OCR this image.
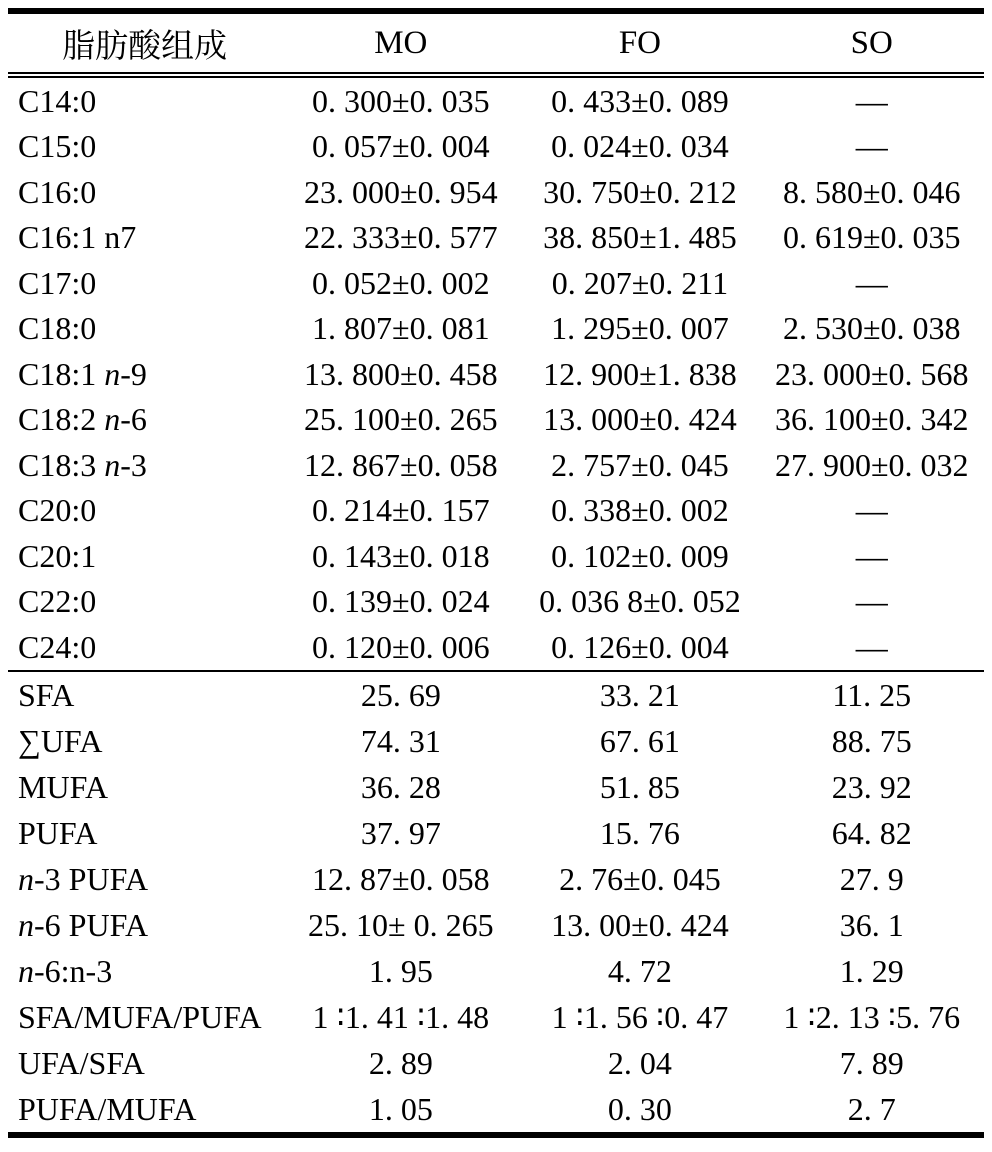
脂肪酸组成	MO	FO	SO
C14:0	0. 300±0. 035	0. 433±0. 089	—
C15:0	0. 057±0. 004	0. 024±0. 034	—
C16:0	23. 000±0. 954	30. 750±0. 212	8. 580±0. 046
C16:1 n7	22. 333±0. 577	38. 850±1. 485	0. 619±0. 035
C17:0	0. 052±0. 002	0. 207±0. 211	—
C18:0	1. 807±0. 081	1. 295±0. 007	2. 530±0. 038
C18:1 n-9	13. 800±0. 458	12. 900±1. 838	23. 000±0. 568
C18:2 n-6	25. 100±0. 265	13. 000±0. 424	36. 100±0. 342
C18:3 n-3	12. 867±0. 058	2. 757±0. 045	27. 900±0. 032
C20:0	0. 214±0. 157	0. 338±0. 002	—
C20:1	0. 143±0. 018	0. 102±0. 009	—
C22:0	0. 139±0. 024	0. 036 8±0. 052	—
C24:0	0. 120±0. 006	0. 126±0. 004	—
SFA	25. 69	33. 21	11. 25
∑UFA	74. 31	67. 61	88. 75
MUFA	36. 28	51. 85	23. 92
PUFA	37. 97	15. 76	64. 82
n-3 PUFA	12. 87±0. 058	2. 76±0. 045	27. 9
n-6 PUFA	25. 10± 0. 265	13. 00±0. 424	36. 1
n-6:n-3	1. 95	4. 72	1. 29
SFA/MUFA/PUFA	1 ∶1. 41 ∶1. 48	1 ∶1. 56 ∶0. 47	1 ∶2. 13 ∶5. 76
UFA/SFA	2. 89	2. 04	7. 89
PUFA/MUFA	1. 05	0. 30	2. 7
